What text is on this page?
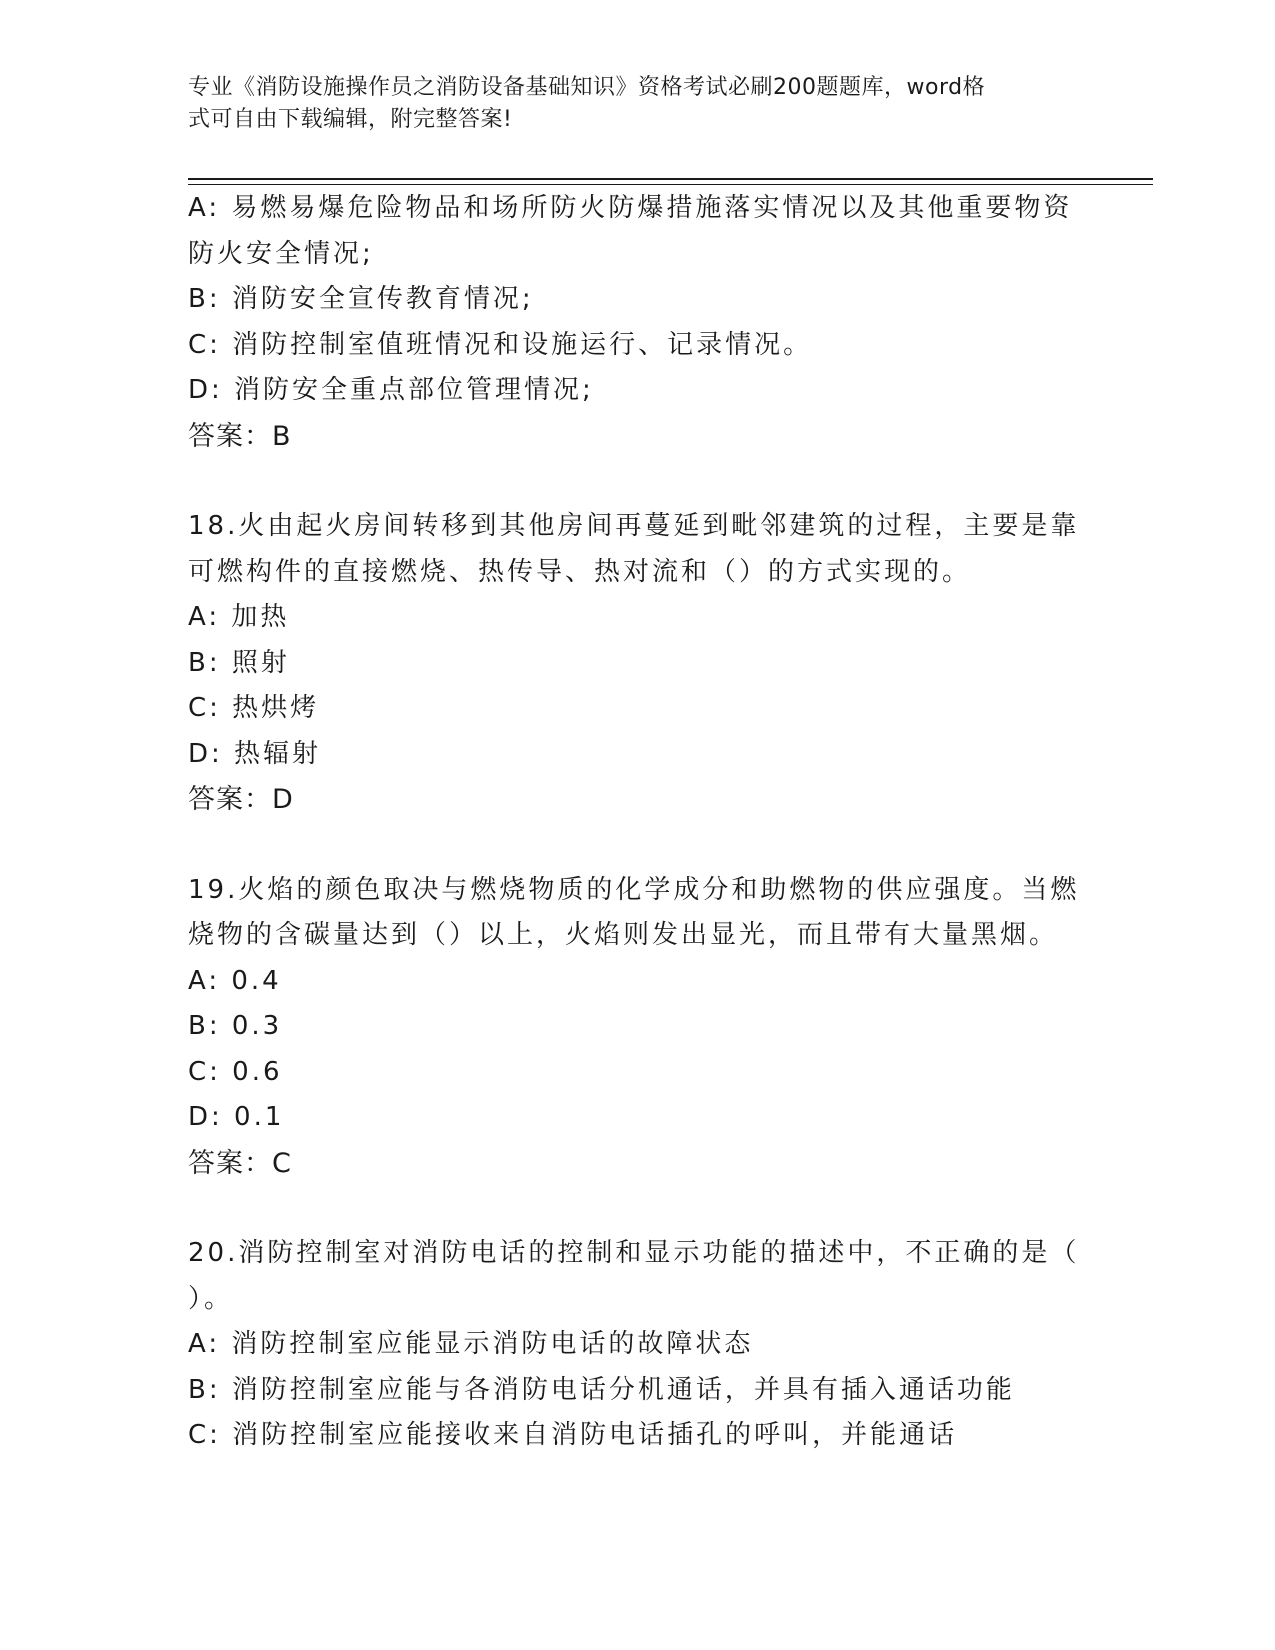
专业《消防设施操作员之消防设备基础知识》资格考试必刷200题题库，word格
式可自由下载编辑，附完整答案!
A: 易燃易爆危险物品和场所防火防爆措施落实情况以及其他重要物资
防火安全情况;
B: 消防安全宣传教育情况;
C: 消防控制室值班情况和设施运行、记录情况。
D: 消防安全重点部位管理情况;
答案：B
18.火由起火房间转移到其他房间再蔓延到毗邻建筑的过程，主要是靠
可燃构件的直接燃烧、热传导、热对流和（）的方式实现的。
A: 加热
B: 照射
C: 热烘烤
D: 热辐射
答案：D
19.火焰的颜色取决与燃烧物质的化学成分和助燃物的供应强度。当燃
烧物的含碳量达到（）以上，火焰则发出显光，而且带有大量黑烟。
A: 0.4
B: 0.3
C: 0.6
D: 0.1
答案：C
20.消防控制室对消防电话的控制和显示功能的描述中，不正确的是（
）。
A: 消防控制室应能显示消防电话的故障状态
B: 消防控制室应能与各消防电话分机通话，并具有插入通话功能
C: 消防控制室应能接收来自消防电话插孔的呼叫，并能通话
